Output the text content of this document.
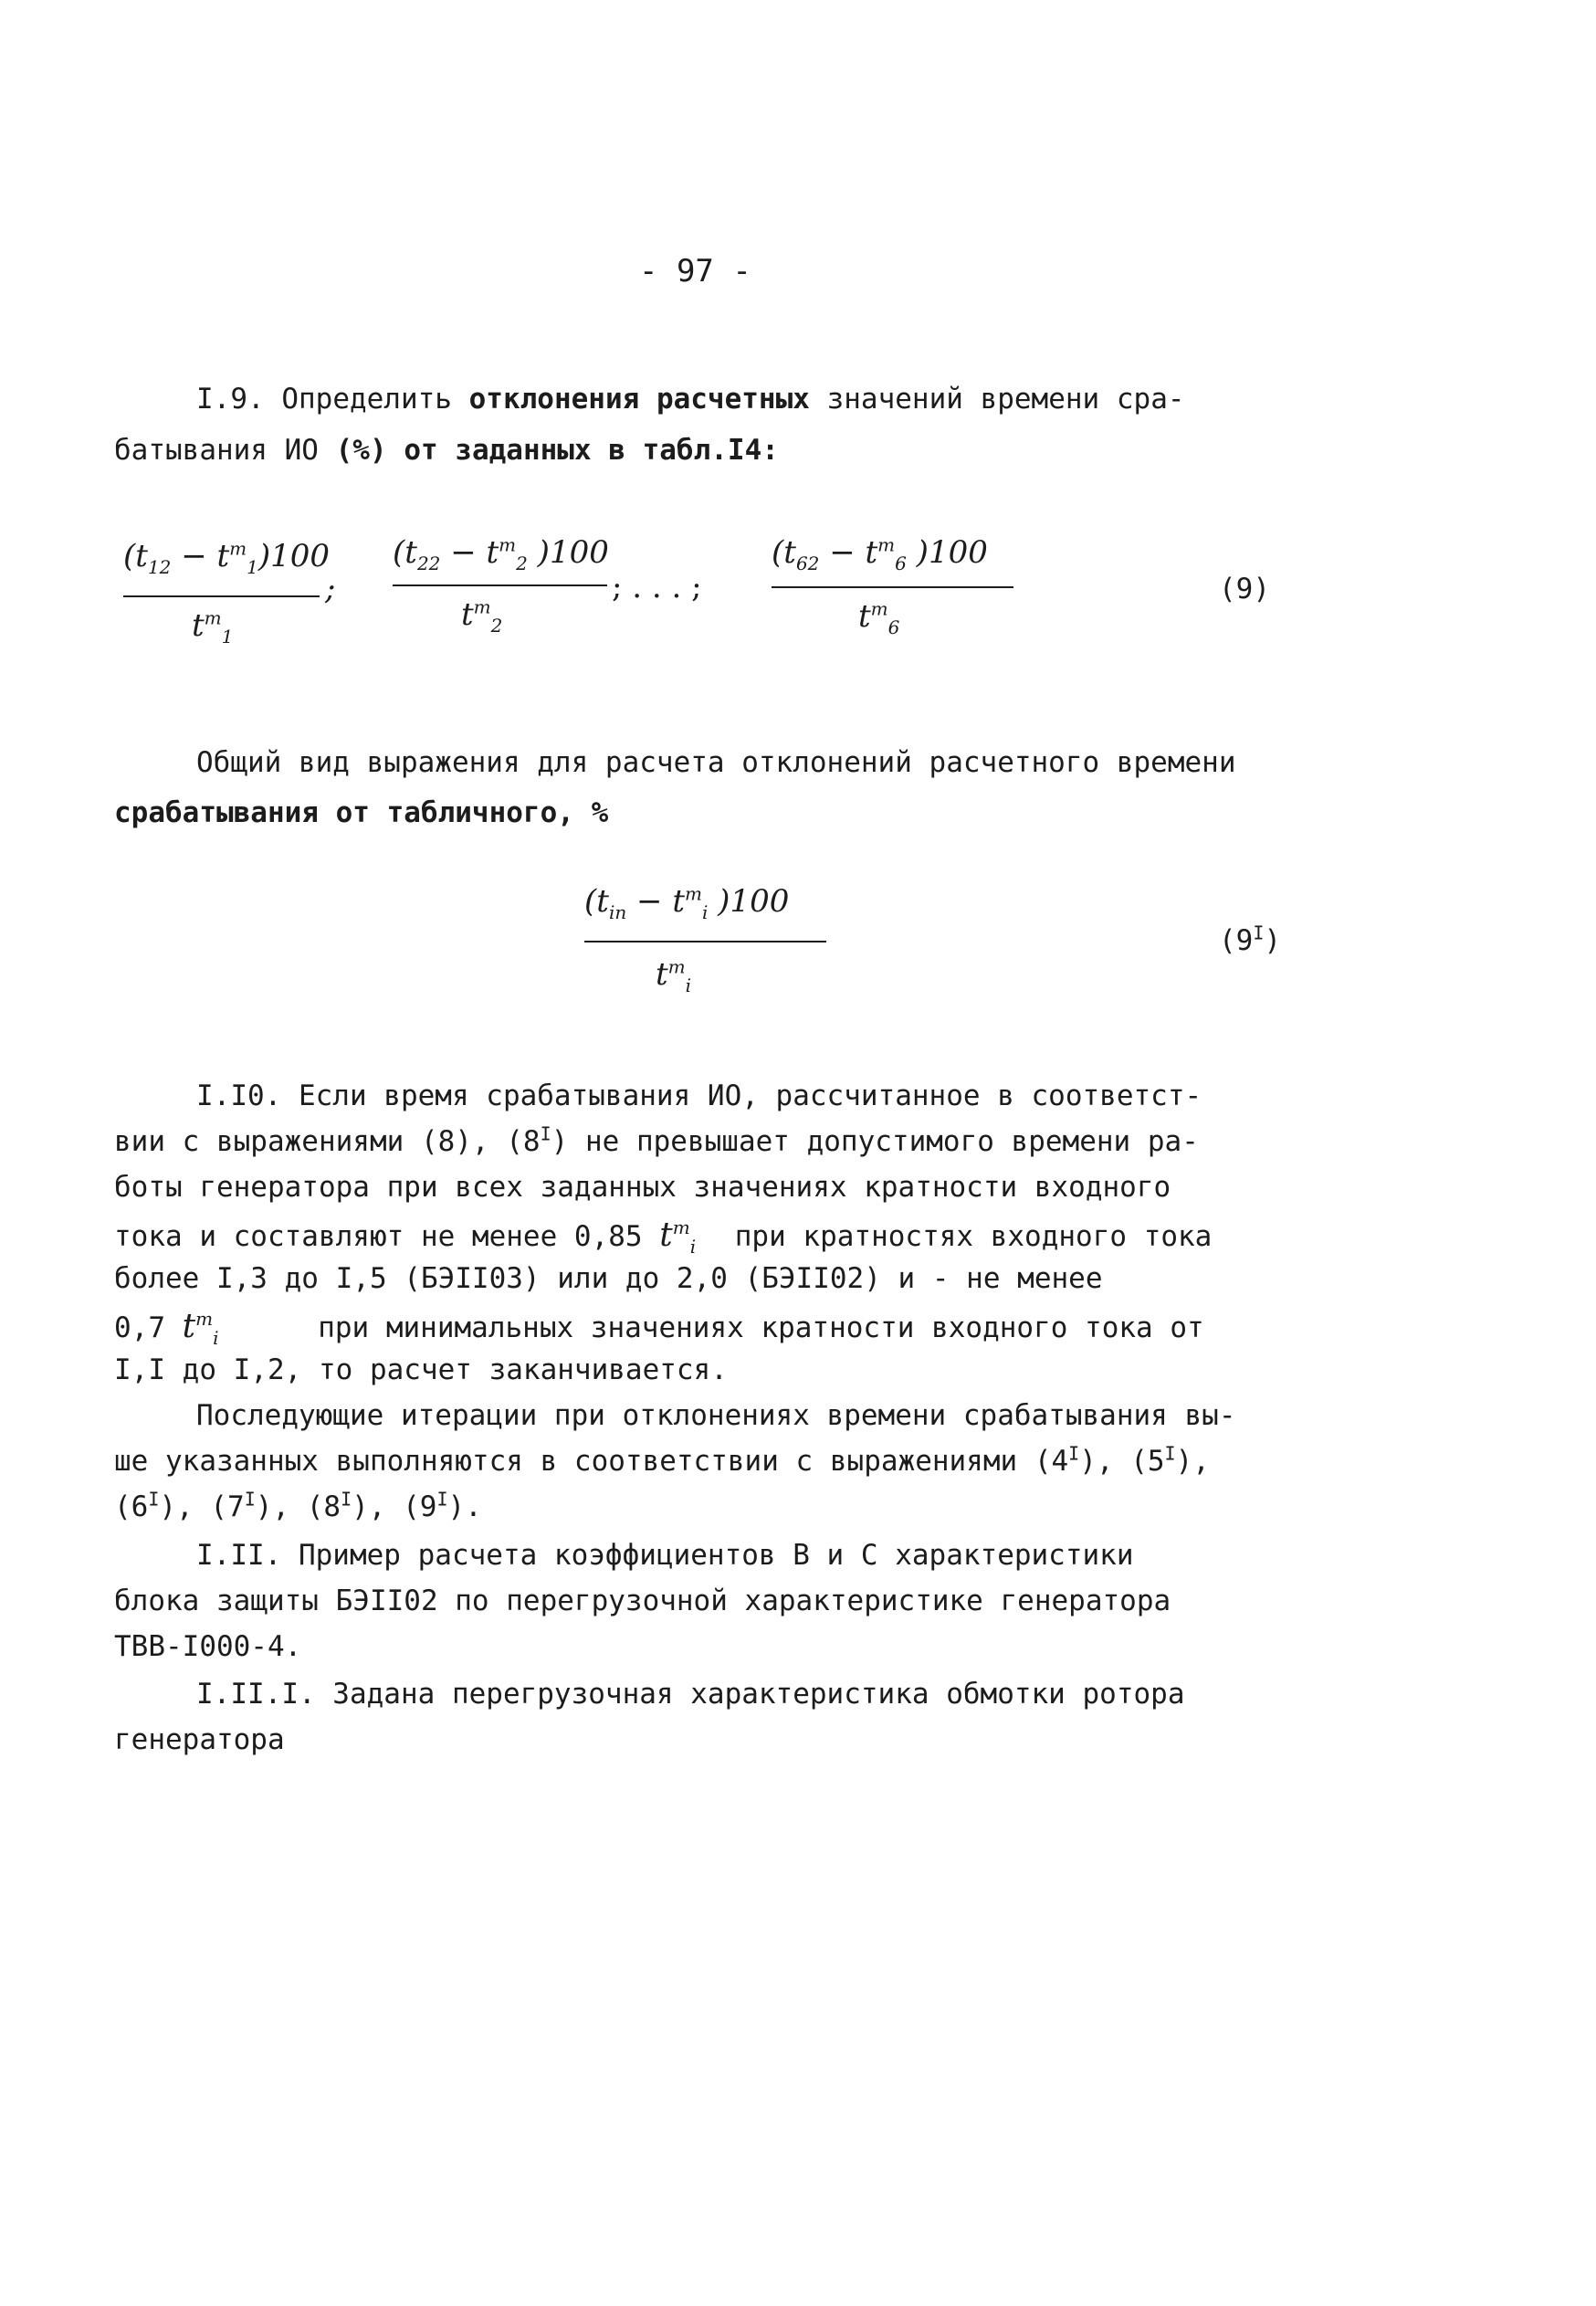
- 97 -
I.9. Определить отклонения расчетных значений времени сра-
батывания ИО (%) от заданных в табл.I4:
$(t_{12} - t^т_1)100$
$t^т_1$
;
($t_{22} - t^т_2$ )100
$t^т_2$
; . . . ;
($t_{62} - t^т_6$ )100
$t^т_6$
(9)
Общий вид выражения для расчета отклонений расчетного времени
срабатывания от табличного, %
($t_{in} - t^т_i$ )100
$t^т_i$
$(9^I)$
I.I0. Если время срабатывания ИО, рассчитанное в соответст-
вии с выражениями (8), $(8^I)$ не превышает допустимого времени ра-
боты генератора при всех заданных значениях кратности входного
тока и составляют не менее 0,85 $t^т_i$ при кратностях входного тока
более I,3 до I,5 (БЭII03) или до 2,0 (БЭII02) и - не менее
0,7 $t^т_i$	при минимальных значениях кратности входного тока от
I,I до I,2, то расчет заканчивается.
Последующие итерации при отклонениях времени срабатывания вы-
ше указанных выполняются в соответствии с выражениями $(4^I)$, $(5^I)$,
$(6^I)$, $(7^I)$, $(8^I)$, $(9^I)$.
I.II. Пример расчета коэффициентов В и С характеристики
блока защиты БЭII02 по перегрузочной характеристике генератора
ТВВ-I000-4.
I.II.I. Задана перегрузочная характеристика обмотки ротора
генератора
